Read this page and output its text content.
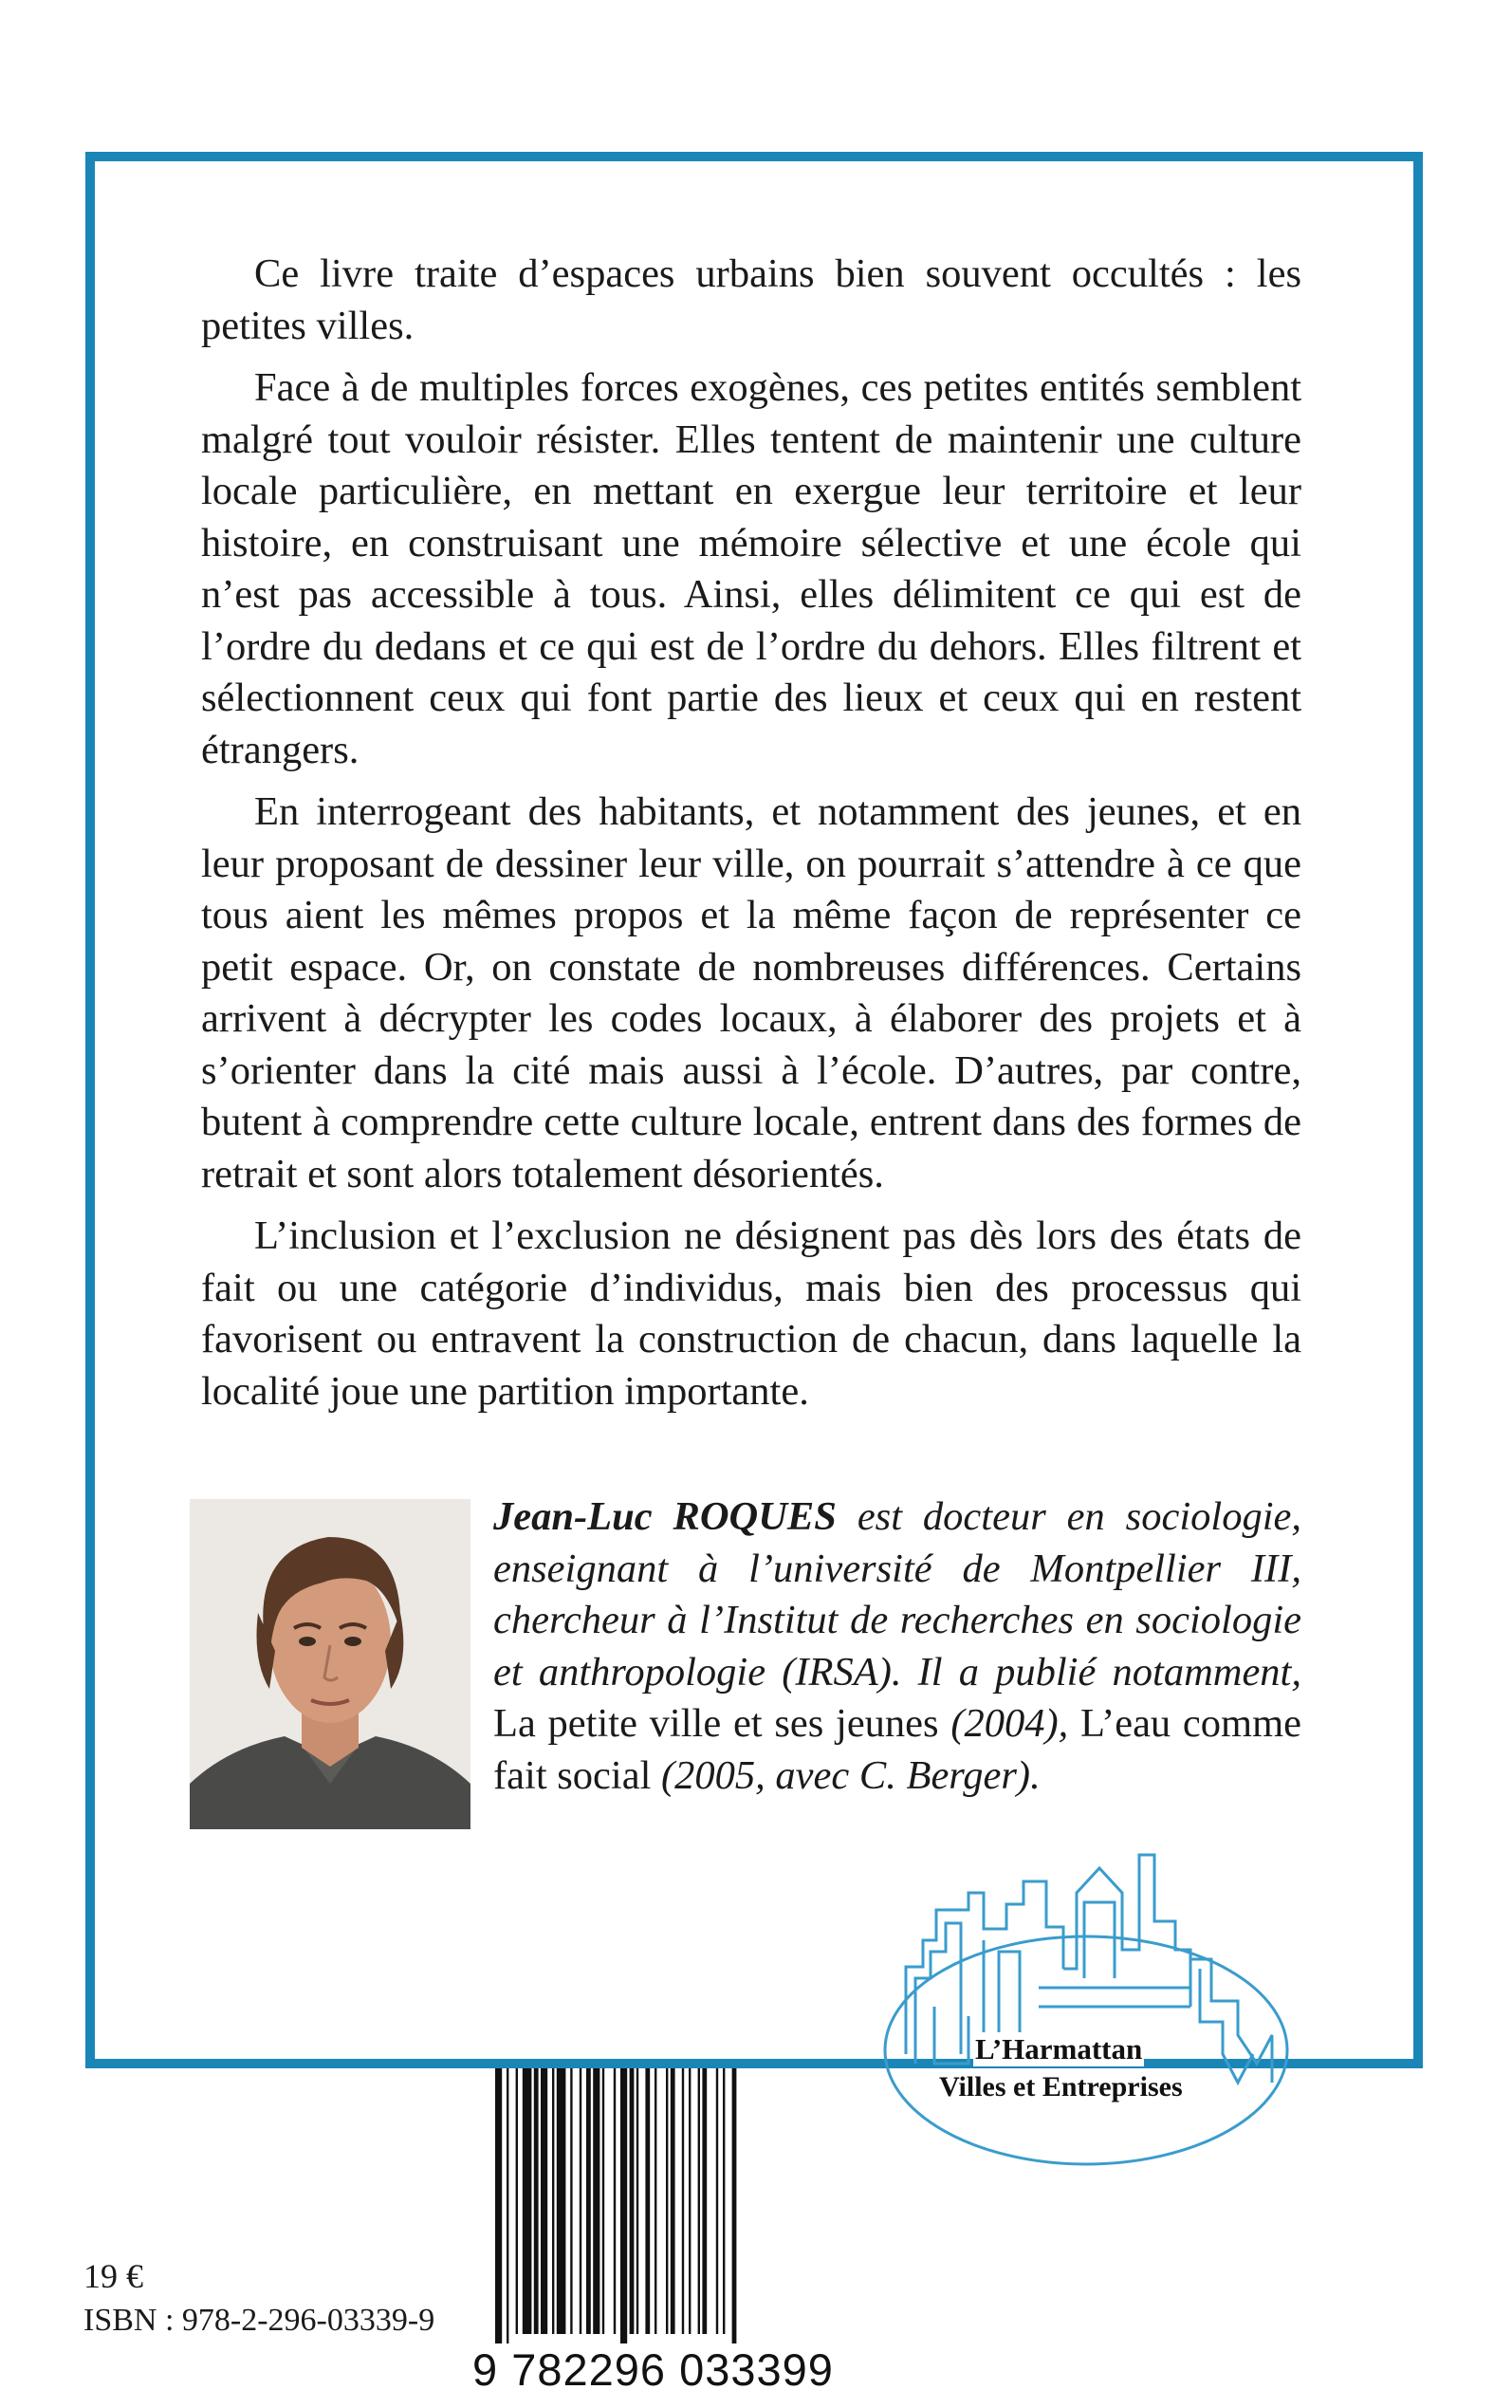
Ce livre traite d’espaces urbains bien souvent occultés : les petites villes.

Face à de multiples forces exogènes, ces petites entités semblent malgré tout vouloir résister. Elles tentent de maintenir une culture locale particulière, en mettant en exergue leur territoire et leur histoire, en construisant une mémoire sélective et une école qui n’est pas accessible à tous. Ainsi, elles délimitent ce qui est de l’ordre du dedans et ce qui est de l’ordre du dehors. Elles filtrent et sélectionnent ceux qui font partie des lieux et ceux qui en restent étrangers.

En interrogeant des habitants, et notamment des jeunes, et en leur proposant de dessiner leur ville, on pourrait s’attendre à ce que tous aient les mêmes propos et la même façon de représenter ce petit espace. Or, on constate de nombreuses différences. Certains arrivent à décrypter les codes locaux, à élaborer des projets et à s’orienter dans la cité mais aussi à l’école. D’autres, par contre, butent à comprendre cette culture locale, entrent dans des formes de retrait et sont alors totalement désorientés.

L’inclusion et l’exclusion ne désignent pas dès lors des états de fait ou une catégorie d’individus, mais bien des processus qui favorisent ou entravent la construction de chacun, dans laquelle la localité joue une partition importante.

Jean-Luc ROQUES est docteur en sociologie, enseignant à l’université de Montpellier III, chercheur à l’Institut de recherches en sociologie et anthropologie (IRSA). Il a publié notamment, La petite ville et ses jeunes (2004), L’eau comme fait social (2005, avec C. Berger).
L’Harmattan
Villes et Entreprises
9 782296 033399
19 €
ISBN : 978-2-296-03339-9
